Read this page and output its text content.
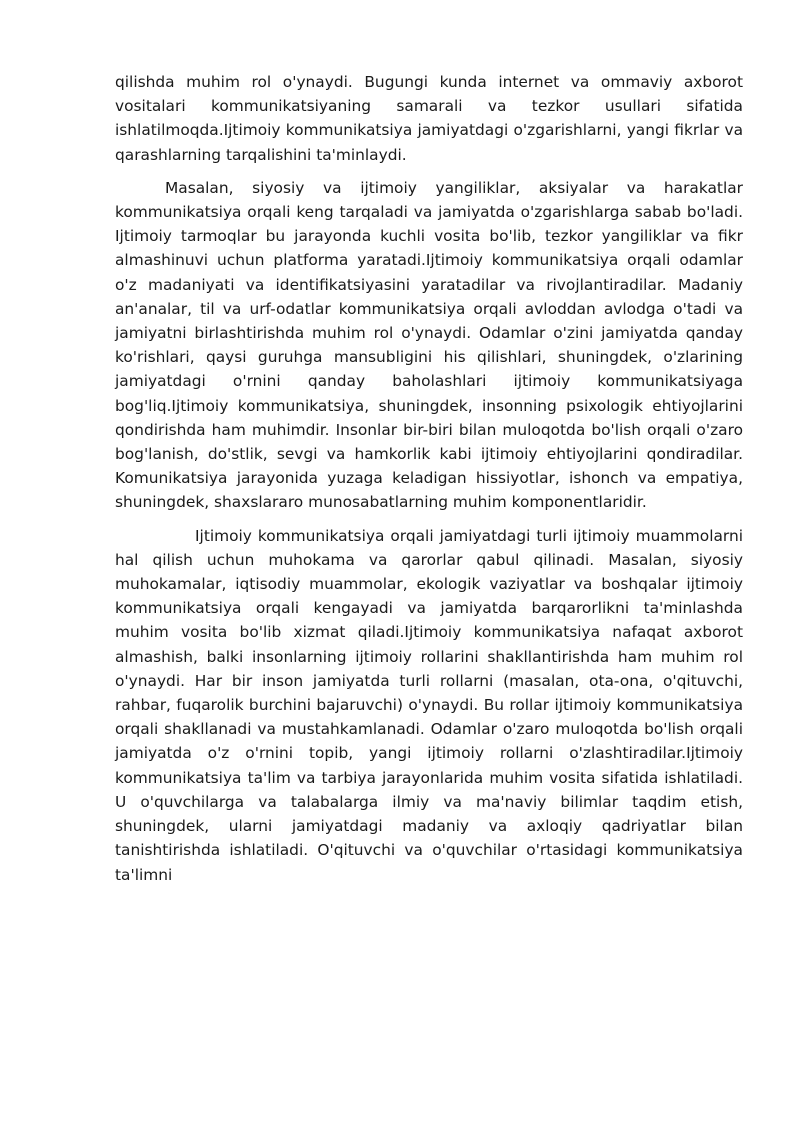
qilishda muhim rol o'ynaydi. Bugungi kunda internet va ommaviy axborot vositalari kommunikatsiyaning samarali va tezkor usullari sifatida ishlatilmoqda.Ijtimoiy kommunikatsiya jamiyatdagi o'zgarishlarni, yangi fikrlar va qarashlarning tarqalishini ta'minlaydi.

Masalan, siyosiy va ijtimoiy yangiliklar, aksiyalar va harakatlar kommunikatsiya orqali keng tarqaladi va jamiyatda o'zgarishlarga sabab bo'ladi. Ijtimoiy tarmoqlar bu jarayonda kuchli vosita bo'lib, tezkor yangiliklar va fikr almashinuvi uchun platforma yaratadi.Ijtimoiy kommunikatsiya orqali odamlar o'z madaniyati va identifikatsiyasini yaratadilar va rivojlantiradilar. Madaniy an'analar, til va urf-odatlar kommunikatsiya orqali avloddan avlodga o'tadi va jamiyatni birlashtirishda muhim rol o'ynaydi. Odamlar o'zini jamiyatda qanday ko'rishlari, qaysi guruhga mansubligini his qilishlari, shuningdek, o'zlarining jamiyatdagi o'rnini qanday baholashlari ijtimoiy kommunikatsiyaga bog'liq.Ijtimoiy kommunikatsiya, shuningdek, insonning psixologik ehtiyojlarini qondirishda ham muhimdir. Insonlar bir-biri bilan muloqotda bo'lish orqali o'zaro bog'lanish, do'stlik, sevgi va hamkorlik kabi ijtimoiy ehtiyojlarini qondiradilar. Komunikatsiya jarayonida yuzaga keladigan hissiyotlar, ishonch va empatiya, shuningdek, shaxslararo munosabatlarning muhim komponentlaridir.

Ijtimoiy kommunikatsiya orqali jamiyatdagi turli ijtimoiy muammolarni hal qilish uchun muhokama va qarorlar qabul qilinadi. Masalan, siyosiy muhokamalar, iqtisodiy muammolar, ekologik vaziyatlar va boshqalar ijtimoiy kommunikatsiya orqali kengayadi va jamiyatda barqarorlikni ta'minlashda muhim vosita bo'lib xizmat qiladi.Ijtimoiy kommunikatsiya nafaqat axborot almashish, balki insonlarning ijtimoiy rollarini shakllantirishda ham muhim rol o'ynaydi. Har bir inson jamiyatda turli rollarni (masalan, ota-ona, o'qituvchi, rahbar, fuqarolik burchini bajaruvchi) o'ynaydi. Bu rollar ijtimoiy kommunikatsiya orqali shakllanadi va mustahkamlanadi. Odamlar o'zaro muloqotda bo'lish orqali jamiyatda o'z o'rnini topib, yangi ijtimoiy rollarni o'zlashtiradilar.Ijtimoiy kommunikatsiya ta'lim va tarbiya jarayonlarida muhim vosita sifatida ishlatiladi. U o'quvchilarga va talabalarga ilmiy va ma'naviy bilimlar taqdim etish, shuningdek, ularni jamiyatdagi madaniy va axloqiy qadriyatlar bilan tanishtirishda ishlatiladi. O'qituvchi va o'quvchilar o'rtasidagi kommunikatsiya ta'limni
